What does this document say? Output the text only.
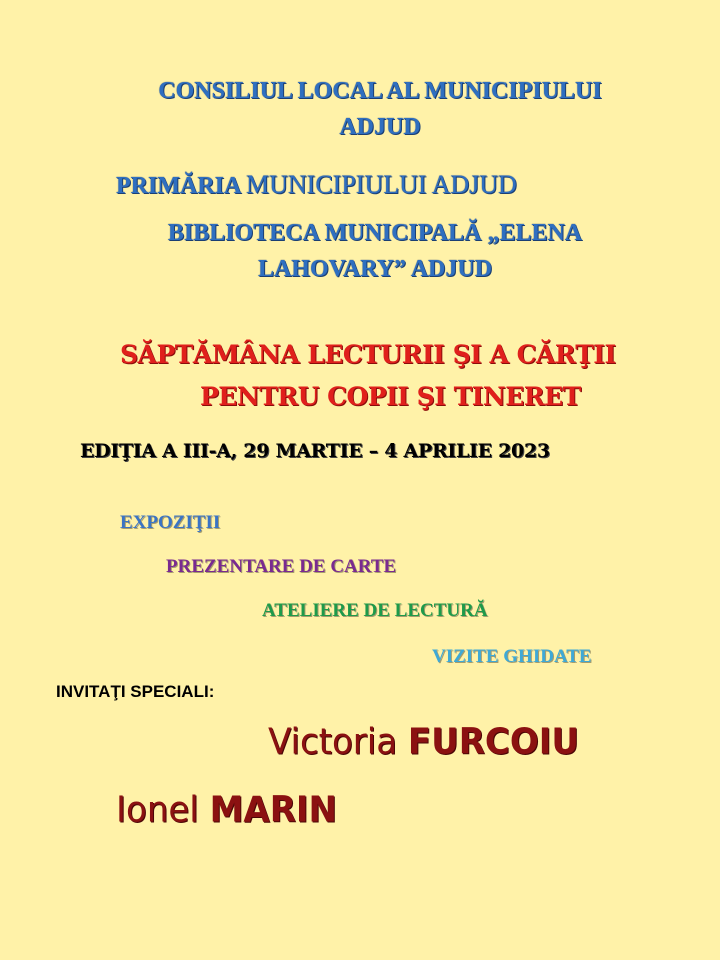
CONSILIUL LOCAL AL MUNICIPIULUI
ADJUD
PRIMĂRIA MUNICIPIULUI ADJUD
BIBLIOTECA MUNICIPALĂ „ELENA
LAHOVARY” ADJUD
SĂPTĂMÂNA LECTURII ŞI A CĂRŢII
PENTRU COPII ŞI TINERET
EDIŢIA A III-A, 29 MARTIE – 4 APRILIE 2023
EXPOZIŢII
PREZENTARE DE CARTE
ATELIERE DE LECTURĂ
VIZITE GHIDATE
INVITAŢI SPECIALI:
Victoria FURCOIU
Ionel MARIN
